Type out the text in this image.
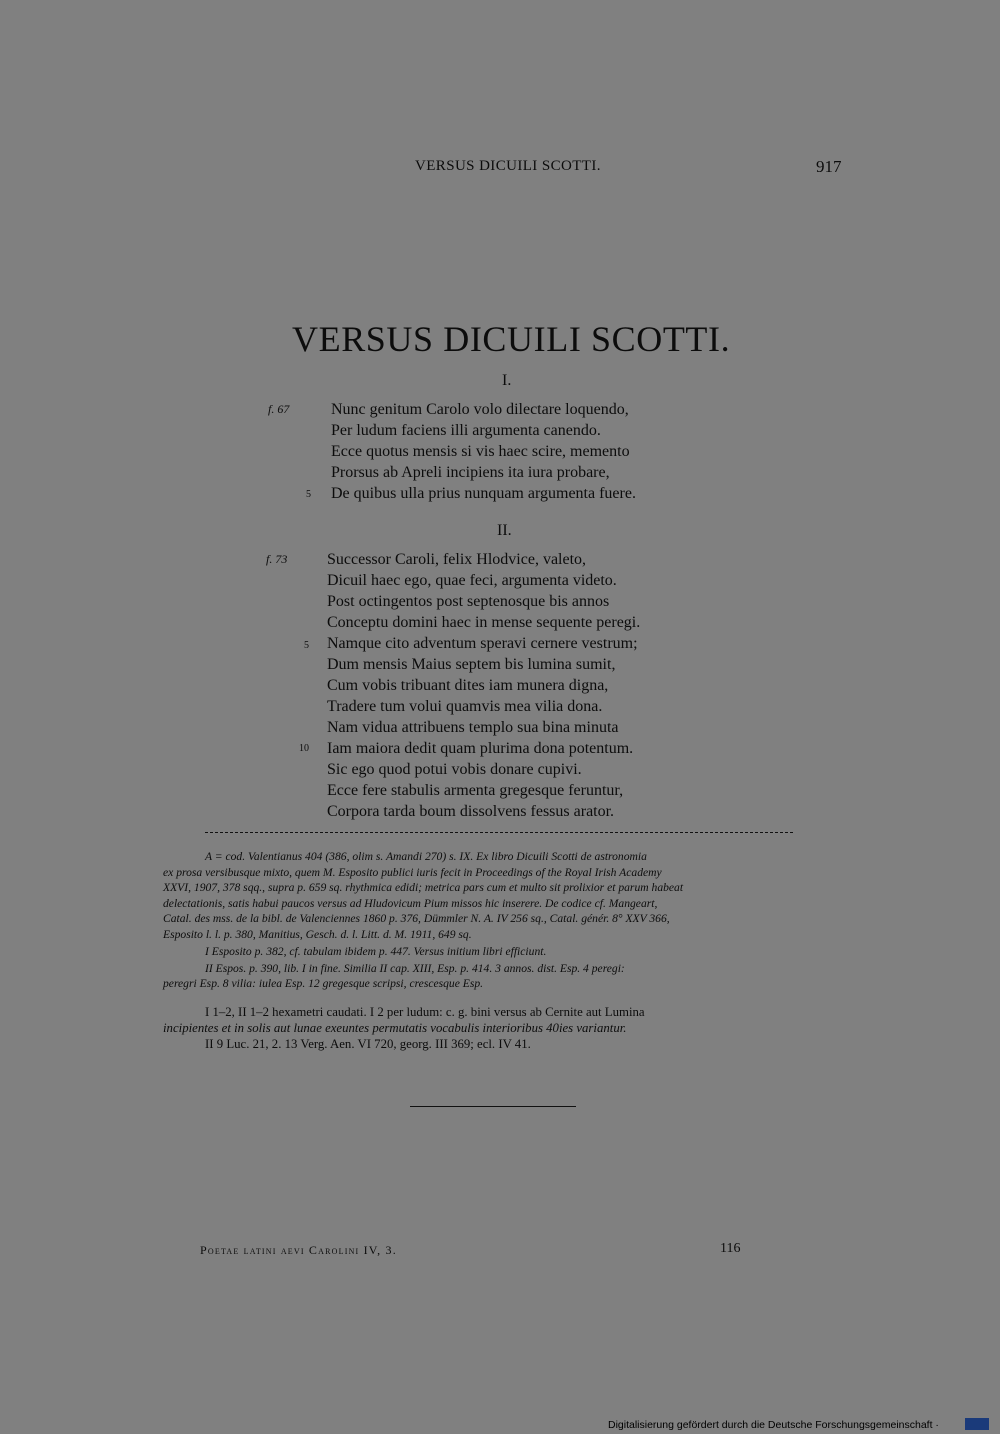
VERSUS DICUILI SCOTTI.	917
VERSUS DICUILI SCOTTI.
I.
f. 67
5
Nunc genitum Carolo volo dilectare loquendo,
Per ludum faciens illi argumenta canendo.
Ecce quotus mensis si vis haec scire, memento
Prorsus ab Apreli incipiens ita iura probare,
De quibus ulla prius nunquam argumenta fuere.
II.
f. 73
5
10
Successor Caroli, felix Hlodvice, valeto,
Dicuil haec ego, quae feci, argumenta videto.
Post octingentos post septenosque bis annos
Conceptu domini haec in mense sequente peregi.
Namque cito adventum speravi cernere vestrum;
Dum mensis Maius septem bis lumina sumit,
Cum vobis tribuant dites iam munera digna,
Tradere tum volui quamvis mea vilia dona.
Nam vidua attribuens templo sua bina minuta
Iam maiora dedit quam plurima dona potentum.
Sic ego quod potui vobis donare cupivi.
Ecce fere stabulis armenta gregesque feruntur,
Corpora tarda boum dissolvens fessus arator.
A = cod. Valentianus 404 (386, olim s. Amandi 270) s. IX. Ex libro Dicuili Scotti de astronomia
ex prosa versibusque mixto, quem M. Esposito publici iuris fecit in Proceedings of the Royal Irish Academy
XXVI, 1907, 378 sqq., supra p. 659 sq. rhythmica edidi; metrica pars cum et multo sit prolixior et parum habeat
delectationis, satis habui paucos versus ad Hludovicum Pium missos hic inserere. De codice cf. Mangeart,
Catal. des mss. de la bibl. de Valenciennes 1860 p. 376, Dümmler N. A. IV 256 sq., Catal. génér. 8° XXV 366,
Esposito l. l. p. 380, Manitius, Gesch. d. l. Litt. d. M. 1911, 649 sq.
I Esposito p. 382, cf. tabulam ibidem p. 447. Versus initium libri efficiunt.
II Espos. p. 390, lib. I in fine. Similia II cap. XIII, Esp. p. 414. 3 annos. dist. Esp. 4 peregi:
peregri Esp. 8 vilia: iulea Esp. 12 gregesque scripsi, crescesque Esp.
I 1–2, II 1–2 hexametri caudati. I 2 per ludum: c. g. bini versus ab Cernite aut Lumina
incipientes et in solis aut lunae exeuntes permutatis vocabulis interioribus 40ies variantur.
II 9 Luc. 21, 2. 13 Verg. Aen. VI 720, georg. III 369; ecl. IV 41.
Poetae latini aevi Carolini IV, 3.	116
Digitalisierung gefördert durch die Deutsche Forschungsgemeinschaft ·
